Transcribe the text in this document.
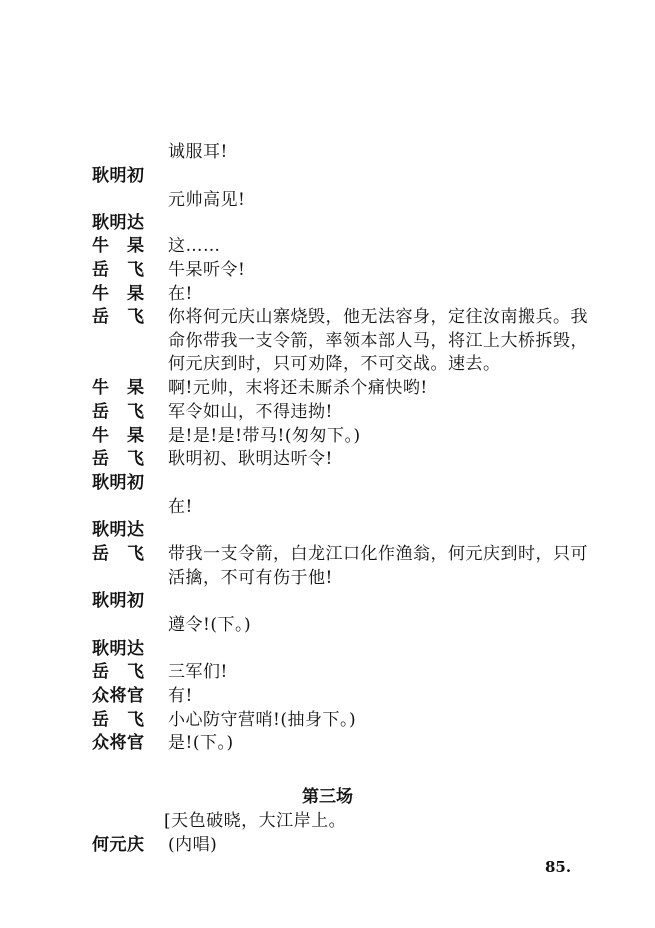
诚服耳!
耿明初
元帅高见!
耿明达
牛　杲	这……
岳　飞	牛杲听令!
牛　杲	在!
岳　飞	你将何元庆山寨烧毁，他无法容身，定往汝南搬兵。我
命你带我一支令箭，率领本部人马，将江上大桥拆毁，
何元庆到时，只可劝降，不可交战。速去。
牛　杲	啊!元帅，末将还未厮杀个痛快哟!
岳　飞	军令如山，不得违拗!
牛　杲	是!是!是!带马!(匆匆下。)
岳　飞	耿明初、耿明达听令!
耿明初
在!
耿明达
岳　飞	带我一支令箭，白龙江口化作渔翁，何元庆到时，只可
活擒，不可有伤于他!
耿明初
遵令!(下。)
耿明达
岳　飞	三军们!
众将官	有!
岳　飞	小心防守营哨!(抽身下。)
众将官	是!(下。)
第三场
[天色破晓，大江岸上。
何元庆	(内唱)
85.
